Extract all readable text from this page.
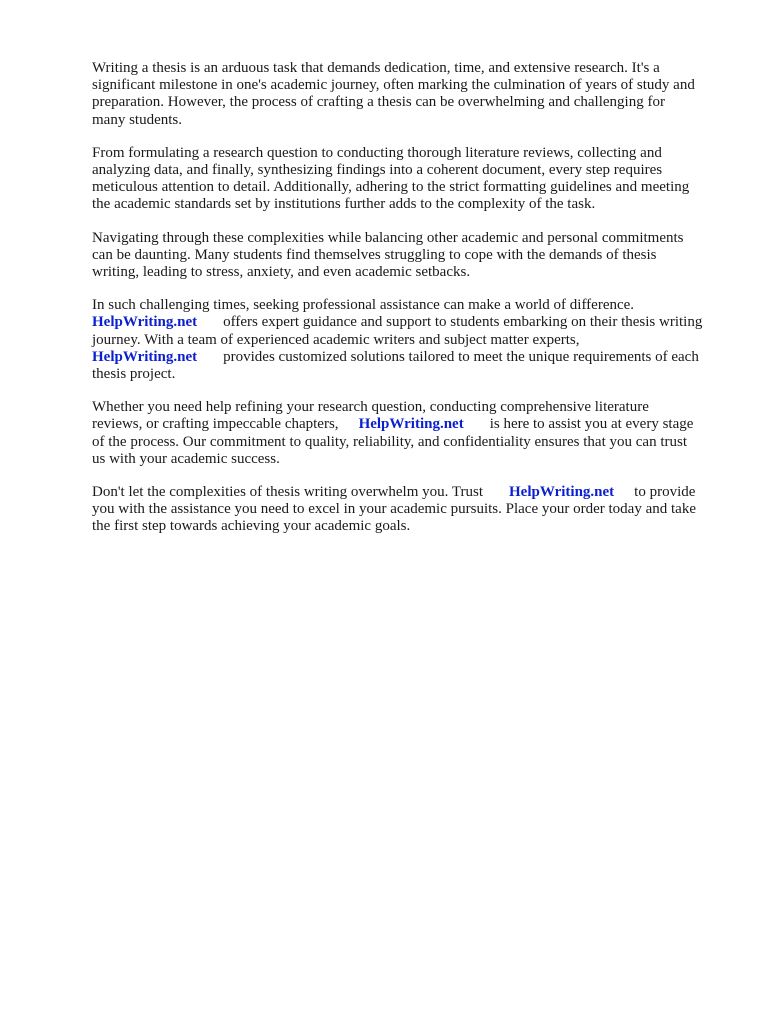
Writing a thesis is an arduous task that demands dedication, time, and extensive research. It's a
significant milestone in one's academic journey, often marking the culmination of years of study and
preparation. However, the process of crafting a thesis can be overwhelming and challenging for
many students.

From formulating a research question to conducting thorough literature reviews, collecting and
analyzing data, and finally, synthesizing findings into a coherent document, every step requires
meticulous attention to detail. Additionally, adhering to the strict formatting guidelines and meeting
the academic standards set by institutions further adds to the complexity of the task.

Navigating through these complexities while balancing other academic and personal commitments
can be daunting. Many students find themselves struggling to cope with the demands of thesis
writing, leading to stress, anxiety, and even academic setbacks.

In such challenging times, seeking professional assistance can make a world of difference.
HelpWriting.net offers expert guidance and support to students embarking on their thesis writing
journey. With a team of experienced academic writers and subject matter experts,
HelpWriting.net provides customized solutions tailored to meet the unique requirements of each
thesis project.

Whether you need help refining your research question, conducting comprehensive literature
reviews, or crafting impeccable chapters, HelpWriting.net is here to assist you at every stage
of the process. Our commitment to quality, reliability, and confidentiality ensures that you can trust
us with your academic success.

Don't let the complexities of thesis writing overwhelm you. Trust HelpWriting.net to provide
you with the assistance you need to excel in your academic pursuits. Place your order today and take
the first step towards achieving your academic goals.
